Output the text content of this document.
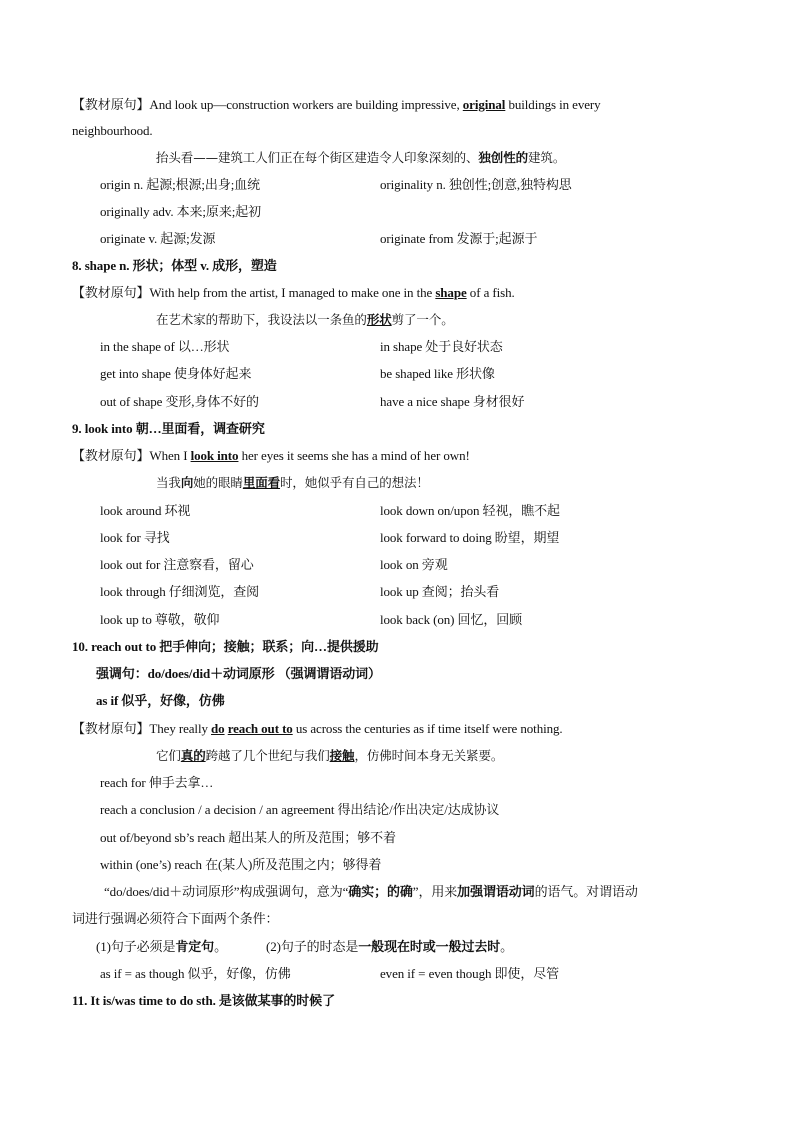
【教材原句】And look up—construction workers are building impressive, original buildings in every
neighbourhood.
抬头看——建筑工人们正在每个街区建造令人印象深刻的、独创性的建筑。
origin n. 起源;根源;出身;血统	originality n. 独创性;创意,独特构思
originally adv. 本来;原来;起初
originate v. 起源;发源	originate from 发源于;起源于
8. shape n. 形状；体型 v. 成形，塑造
【教材原句】With help from the artist, I managed to make one in the shape of a fish.
在艺术家的帮助下，我设法以一条鱼的形状剪了一个。
in the shape of 以…形状	in shape 处于良好状态
get into shape 使身体好起来	be shaped like 形状像
out of shape 变形,身体不好的	have a nice shape 身材很好
9. look into 朝…里面看，调查研究
【教材原句】When I look into her eyes it seems she has a mind of her own!
当我向她的眼睛里面看时，她似乎有自己的想法！
look around 环视	look down on/upon 轻视，瞧不起
look for 寻找	look forward to doing 盼望，期望
look out for 注意察看，留心	look on 旁观
look through 仔细浏览，查阅	look up 查阅；抬头看
look up to 尊敬，敬仰	look back (on) 回忆，回顾
10. reach out to 把手伸向；接触；联系；向…提供援助
强调句：do/does/did＋动词原形 （强调谓语动词）
as if 似乎，好像，仿佛
【教材原句】They really do reach out to us across the centuries as if time itself were nothing.
它们真的跨越了几个世纪与我们接触，仿佛时间本身无关紧要。
reach for 伸手去拿…
reach a conclusion / a decision / an agreement 得出结论/作出决定/达成协议
out of/beyond sb’s reach 超出某人的所及范围；够不着
within (one’s) reach 在(某人)所及范围之内；够得着
“do/does/did＋动词原形”构成强调句，意为“确实；的确”，用来加强谓语动词的语气。对谓语动
词进行强调必须符合下面两个条件：
(1)句子必须是肯定句。	(2)句子的时态是一般现在时或一般过去时。
as if = as though 似乎，好像，仿佛	even if = even though 即使，尽管
11. It is/was time to do sth. 是该做某事的时候了
